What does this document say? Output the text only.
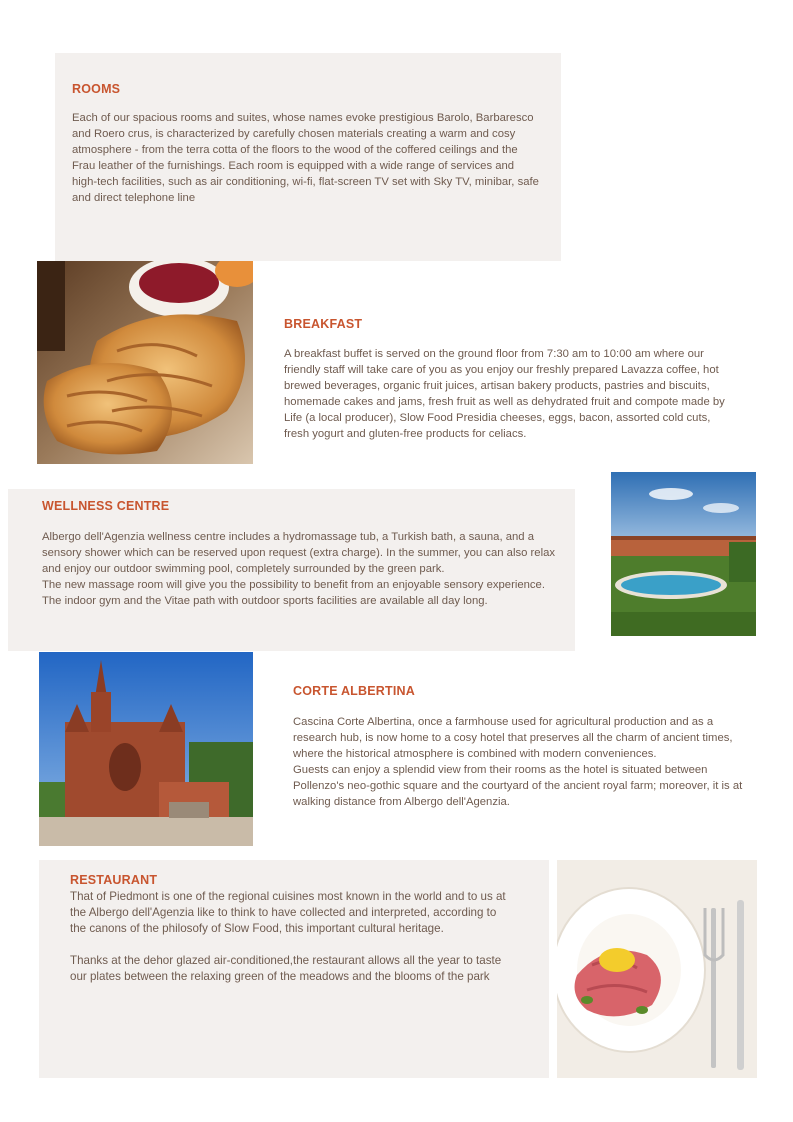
ROOMS
Each of our spacious rooms and suites, whose names evoke prestigious Barolo, Barbaresco and Roero crus, is characterized by carefully chosen materials creating a warm and cosy atmosphere - from the terra cotta of the floors to the wood of the coffered ceilings and the Frau leather of the furnishings. Each room is equipped with a wide range of services and high-tech facilities, such as air conditioning, wi-fi, flat-screen TV set with Sky TV, minibar, safe and direct telephone line
BREAKFAST
A breakfast buffet is served on the ground floor from 7:30 am to 10:00 am where our friendly staff will take care of you as you enjoy our freshly prepared Lavazza coffee, hot brewed beverages, organic fruit juices, artisan bakery products, pastries and biscuits, homemade cakes and jams, fresh fruit as well as dehydrated fruit and compote made by Life (a local producer), Slow Food Presidia cheeses, eggs, bacon, assorted cold cuts, fresh yogurt and gluten-free products for celiacs.
WELLNESS CENTRE

Albergo dell'Agenzia wellness centre includes a hydromassage tub, a Turkish bath, a sauna, and a sensory shower which can be reserved upon request (extra charge). In the summer, you can also relax and enjoy our outdoor swimming pool, completely surrounded by the green park.

The new massage room will give you the possibility to benefit from an enjoyable sensory experience.

The indoor gym and the Vitae path with outdoor sports facilities are available all day long.

CORTE ALBERTINA

Cascina Corte Albertina, once a farmhouse used for agricultural production and as a research hub, is now home to a cosy hotel that preserves all the charm of ancient times, where the historical atmosphere is combined with modern conveniences.

Guests can enjoy a splendid view from their rooms as the hotel is situated between Pollenzo's neo-gothic square and the courtyard of the ancient royal farm; moreover, it is at walking distance from Albergo dell'Agenzia.

RESTAURANT

That of Piedmont is one of the regional cuisines most known in the world and to us at the Albergo dell'Agenzia like to think to have collected and interpreted, according to the canons of the philosofy of Slow Food, this important cultural heritage.

Thanks at the dehor glazed air-conditioned,the restaurant allows all the year to taste our plates between the relaxing green of the meadows and the blooms of the park
